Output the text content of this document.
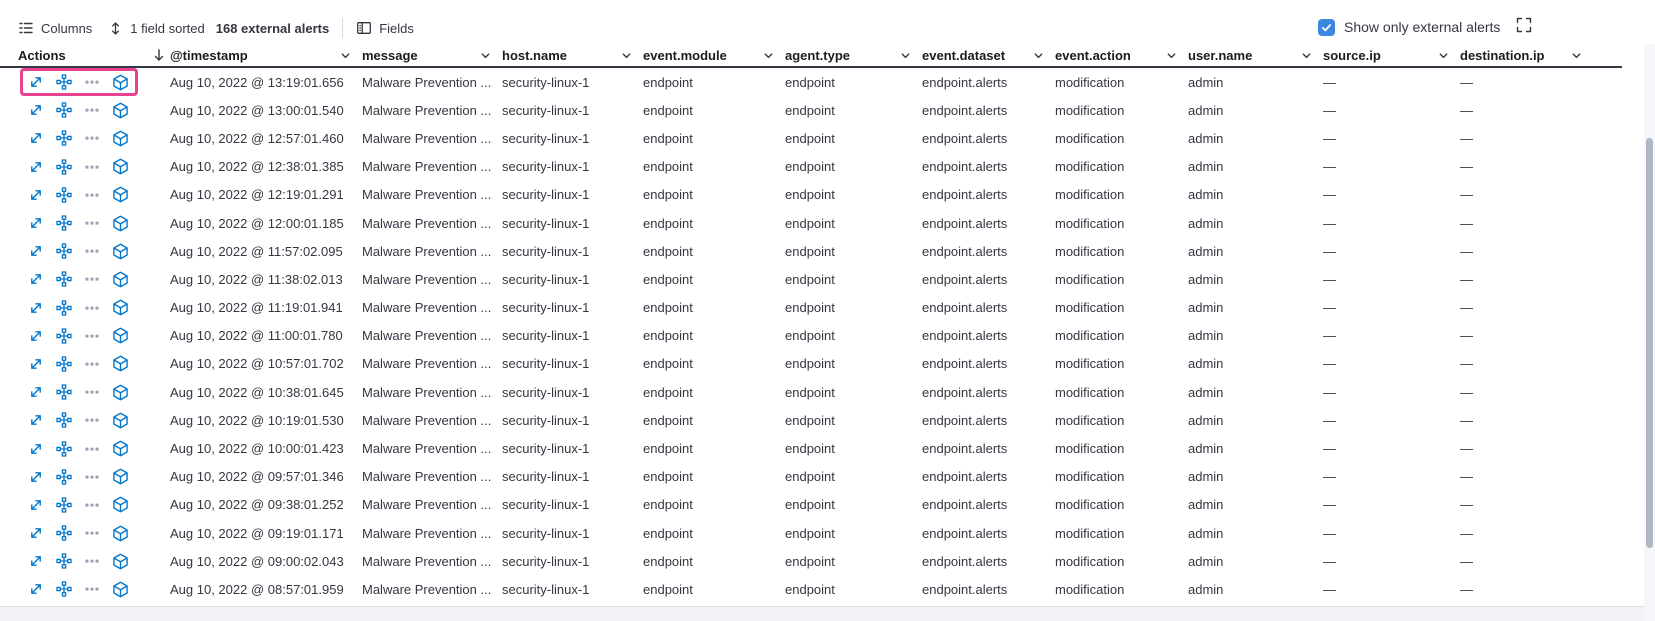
Columns	1 field sorted 168 external alerts	Fields	Show only external alerts
Actions	@timestamp	message	host.name	event.module	agent.type	event.dataset	event.action	user.name	source.ip	destination.ip
Aug 10, 2022 @ 13:19:01.656	Malware Prevention ... security-linux-1	endpoint	endpoint	endpoint.alerts	modification	admin	—	—
Aug 10, 2022 @ 13:00:01.540	Malware Prevention ... security-linux-1	endpoint	endpoint	endpoint.alerts	modification	admin	—	—
Aug 10, 2022 @ 12:57:01.460	Malware Prevention ... security-linux-1	endpoint	endpoint	endpoint.alerts	modification	admin	—	—
Aug 10, 2022 @ 12:38:01.385	Malware Prevention ... security-linux-1	endpoint	endpoint	endpoint.alerts	modification	admin	—	—
Aug 10, 2022 @ 12:19:01.291	Malware Prevention ... security-linux-1	endpoint	endpoint	endpoint.alerts	modification	admin	—	—
Aug 10, 2022 @ 12:00:01.185	Malware Prevention ... security-linux-1	endpoint	endpoint	endpoint.alerts	modification	admin	—	—
Aug 10, 2022 @ 11:57:02.095	Malware Prevention ... security-linux-1	endpoint	endpoint	endpoint.alerts	modification	admin	—	—
Aug 10, 2022 @ 11:38:02.013	Malware Prevention ... security-linux-1	endpoint	endpoint	endpoint.alerts	modification	admin	—	—
Aug 10, 2022 @ 11:19:01.941	Malware Prevention ... security-linux-1	endpoint	endpoint	endpoint.alerts	modification	admin	—	—
Aug 10, 2022 @ 11:00:01.780	Malware Prevention ... security-linux-1	endpoint	endpoint	endpoint.alerts	modification	admin	—	—
Aug 10, 2022 @ 10:57:01.702	Malware Prevention ... security-linux-1	endpoint	endpoint	endpoint.alerts	modification	admin	—	—
Aug 10, 2022 @ 10:38:01.645	Malware Prevention ... security-linux-1	endpoint	endpoint	endpoint.alerts	modification	admin	—	—
Aug 10, 2022 @ 10:19:01.530	Malware Prevention ... security-linux-1	endpoint	endpoint	endpoint.alerts	modification	admin	—	—
Aug 10, 2022 @ 10:00:01.423	Malware Prevention ... security-linux-1	endpoint	endpoint	endpoint.alerts	modification	admin	—	—
Aug 10, 2022 @ 09:57:01.346	Malware Prevention ... security-linux-1	endpoint	endpoint	endpoint.alerts	modification	admin	—	—
Aug 10, 2022 @ 09:38:01.252	Malware Prevention ... security-linux-1	endpoint	endpoint	endpoint.alerts	modification	admin	—	—
Aug 10, 2022 @ 09:19:01.171	Malware Prevention ... security-linux-1	endpoint	endpoint	endpoint.alerts	modification	admin	—	—
Aug 10, 2022 @ 09:00:02.043	Malware Prevention ... security-linux-1	endpoint	endpoint	endpoint.alerts	modification	admin	—	—
Aug 10, 2022 @ 08:57:01.959	Malware Prevention ... security-linux-1	endpoint	endpoint	endpoint.alerts	modification	admin	—	—
